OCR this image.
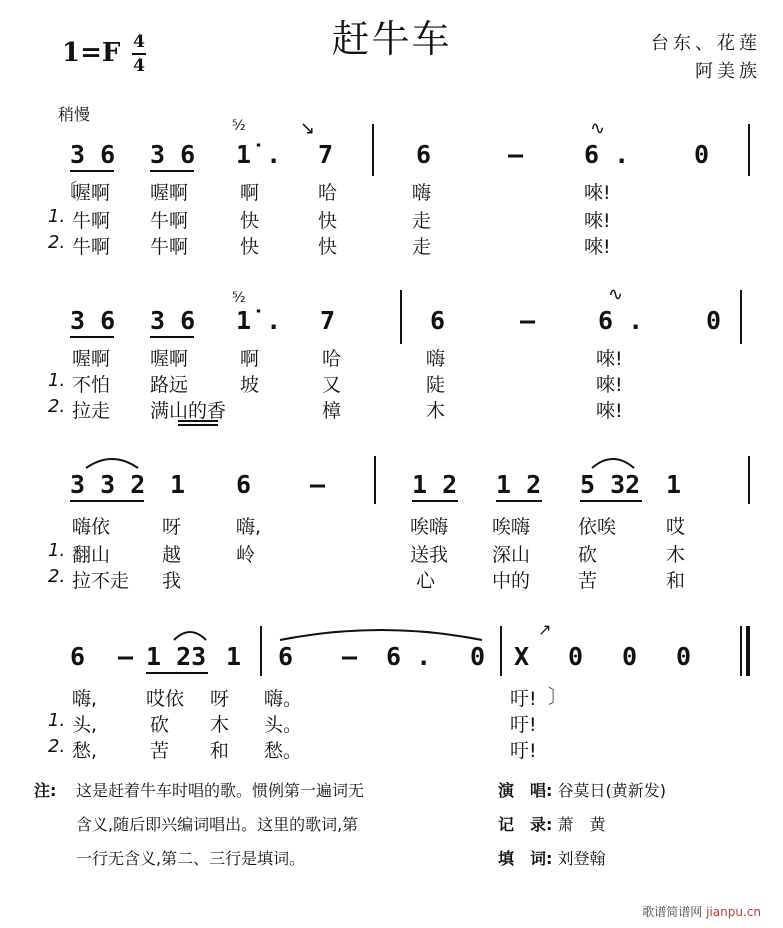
赶牛车
1=F 4
4
台东、花莲
阿美族
稍慢
⁵⁄₂	↘	∿
3 6 3 6 1̇ . 7	6	– 6 .	0
〔
喔啊 喔啊	啊	哈	嗨	唻!
1. 牛啊 牛啊	快	快	走	唻!
2. 牛啊 牛啊	快	快	走	唻!
⁵⁄₂	∿
3 6 3 6 1̇ . 7	6	–	6 .	0
喔啊 喔啊	啊	哈	嗨	唻!
1. 不怕 路远	坡	又	陡	唻!
2. 拉走 满山的香	樟	木	唻!
3 3 2 1 6 –	1 2 1 2 5 32 1
嗨依	呀	嗨,	唉嗨 唉嗨	依唉	哎
1. 翻山	越	岭	送我 深山	砍	木
2. 拉不走 我	心	中的	苦	和
↗
6 – 1 23 1 6 – 6 . 0 X 0 0 0
嗨,	哎依 呀 嗨。	吁! 〕
1. 头,	砍 木 头。	吁!
2. 愁,	苦 和 愁。	吁!
注: 这是赶着牛车时唱的歌。惯例第一遍词无
含义,随后即兴编词唱出。这里的歌词,第
一行无含义,第二、三行是填词。
演　唱: 谷莫日(黄新发)
记　录: 萧　黄
填　词: 刘登翰
歌谱简谱网 jianpu.cn
